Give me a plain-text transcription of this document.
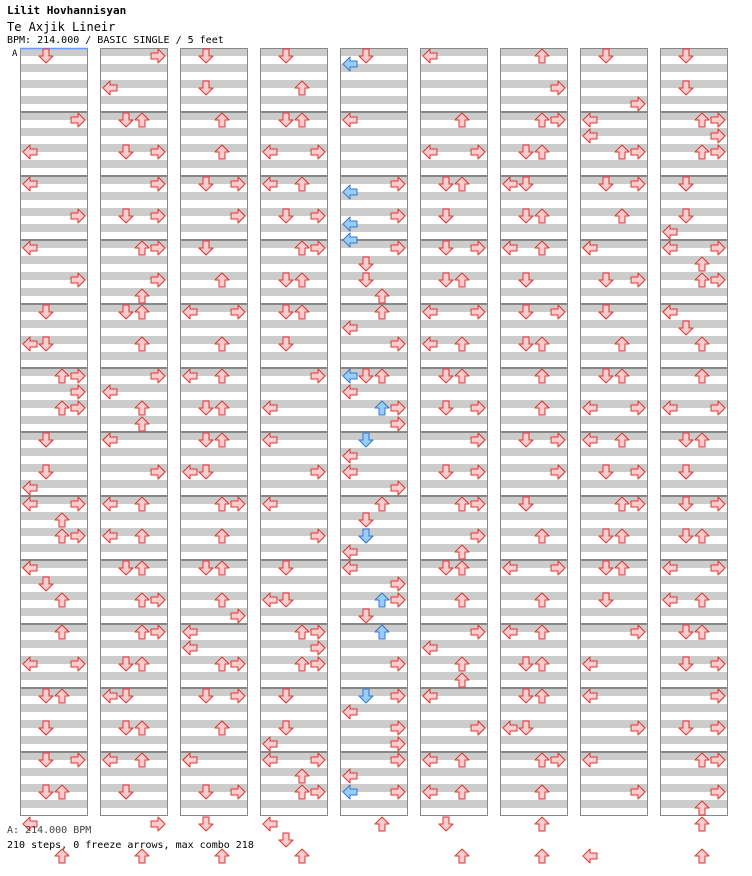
Lilit Hovhannisyan
Te Axjik Lineir
BPM: 214.000 / BASIC SINGLE / 5 feet
A
A: 214.000 BPM
210 steps, 0 freeze arrows, max combo 218
